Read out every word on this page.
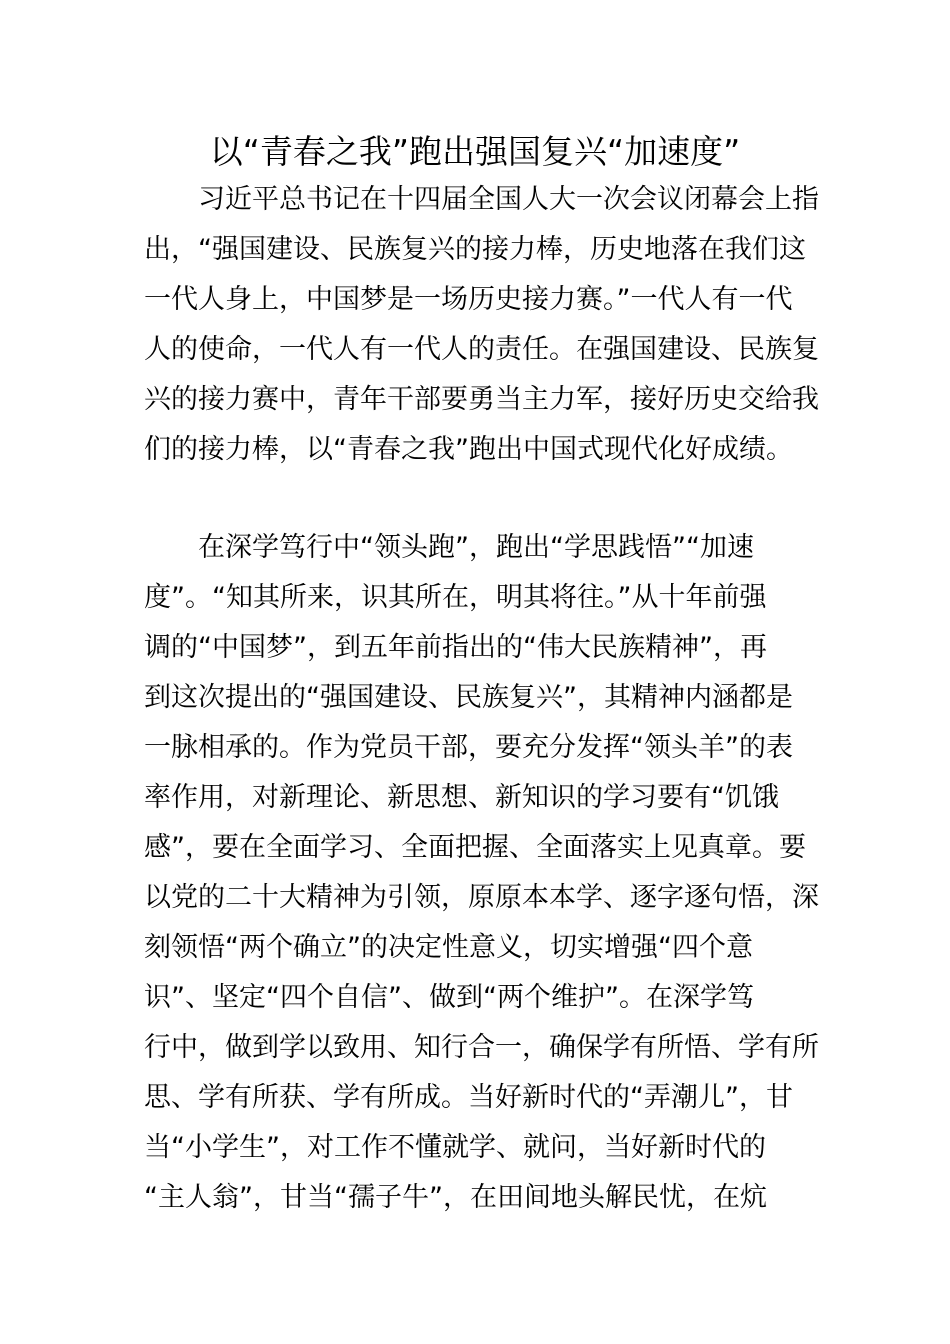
以“青春之我”跑出强国复兴“加速度”

　　习近平总书记在十四届全国人大一次会议闭幕会上指

出，“强国建设、民族复兴的接力棒，历史地落在我们这

一代人身上，中国梦是一场历史接力赛。”一代人有一代

人的使命，一代人有一代人的责任。在强国建设、民族复

兴的接力赛中，青年干部要勇当主力军，接好历史交给我

们的接力棒，以“青春之我”跑出中国式现代化好成绩。

　　在深学笃行中“领头跑”，跑出“学思践悟”“加速

度”。“知其所来，识其所在，明其将往。”从十年前强

调的“中国梦”，到五年前指出的“伟大民族精神”，再

到这次提出的“强国建设、民族复兴”，其精神内涵都是

一脉相承的。作为党员干部，要充分发挥“领头羊”的表

率作用，对新理论、新思想、新知识的学习要有“饥饿

感”，要在全面学习、全面把握、全面落实上见真章。要

以党的二十大精神为引领，原原本本学、逐字逐句悟，深

刻领悟“两个确立”的决定性意义，切实增强“四个意

识”、坚定“四个自信”、做到“两个维护”。在深学笃

行中，做到学以致用、知行合一，确保学有所悟、学有所

思、学有所获、学有所成。当好新时代的“弄潮儿”，甘

当“小学生”，对工作不懂就学、就问，当好新时代的

“主人翁”，甘当“孺子牛”，在田间地头解民忧，在炕
